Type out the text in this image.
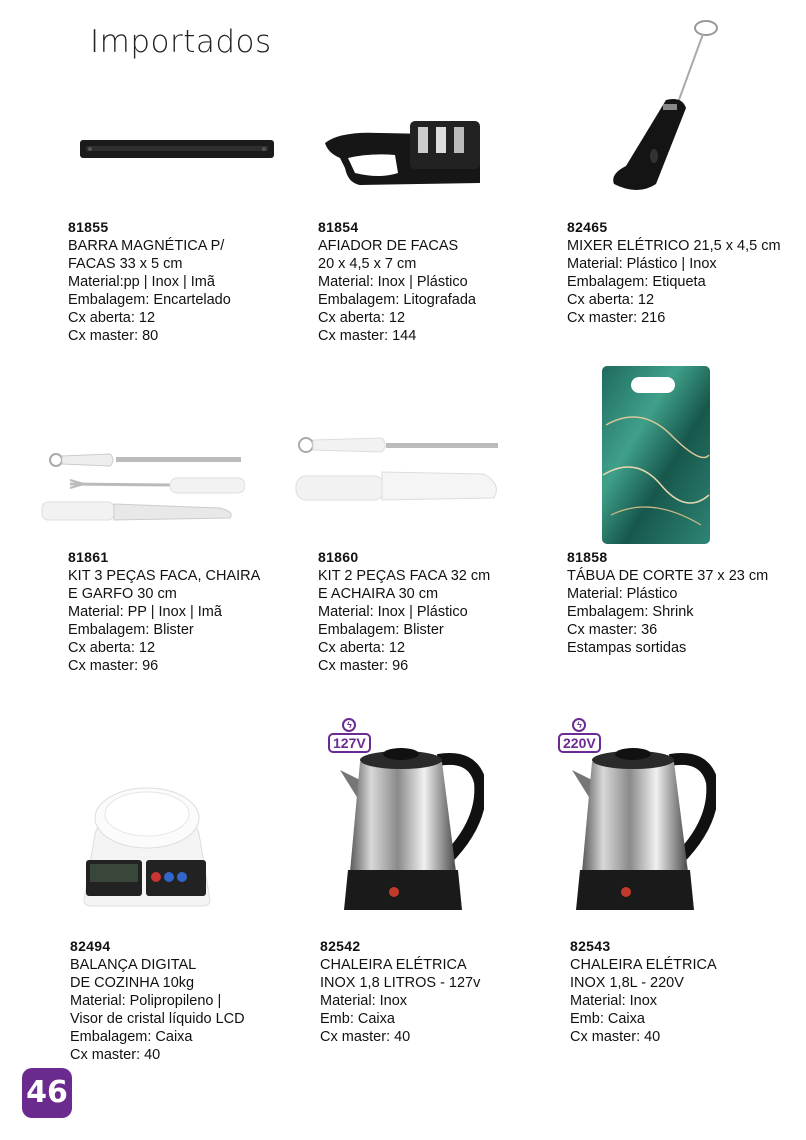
Importados
81855
BARRA MAGNÉTICA P/
FACAS 33 x 5 cm
Material:pp | Inox | Imã
Embalagem: Encartelado
Cx aberta: 12
Cx master: 80
81854
AFIADOR DE FACAS
20 x 4,5 x 7 cm
Material: Inox | Plástico
Embalagem: Litografada
Cx aberta: 12
Cx master: 144
82465
MIXER ELÉTRICO 21,5 x 4,5 cm
Material: Plástico | Inox
Embalagem: Etiqueta
Cx aberta: 12
Cx master: 216
81861
KIT 3 PEÇAS FACA, CHAIRA
E GARFO 30 cm
Material: PP | Inox | Imã
Embalagem: Blister
Cx aberta: 12
Cx master: 96
81860
KIT 2 PEÇAS FACA 32 cm
E ACHAIRA 30 cm
Material: Inox | Plástico
Embalagem: Blister
Cx aberta: 12
Cx master: 96
81858
TÁBUA DE CORTE 37 x 23 cm
Material: Plástico
Embalagem: Shrink
Cx master: 36
Estampas sortidas
ϟ
127V
ϟ
220V
82494
BALANÇA DIGITAL
DE COZINHA 10kg
Material: Polipropileno |
Visor de cristal líquido LCD
Embalagem: Caixa
Cx master: 40
82542
CHALEIRA ELÉTRICA
INOX 1,8 LITROS - 127v
Material: Inox
Emb: Caixa
Cx master: 40
82543
CHALEIRA ELÉTRICA
INOX 1,8L - 220V
Material: Inox
Emb: Caixa
Cx master: 40
46
